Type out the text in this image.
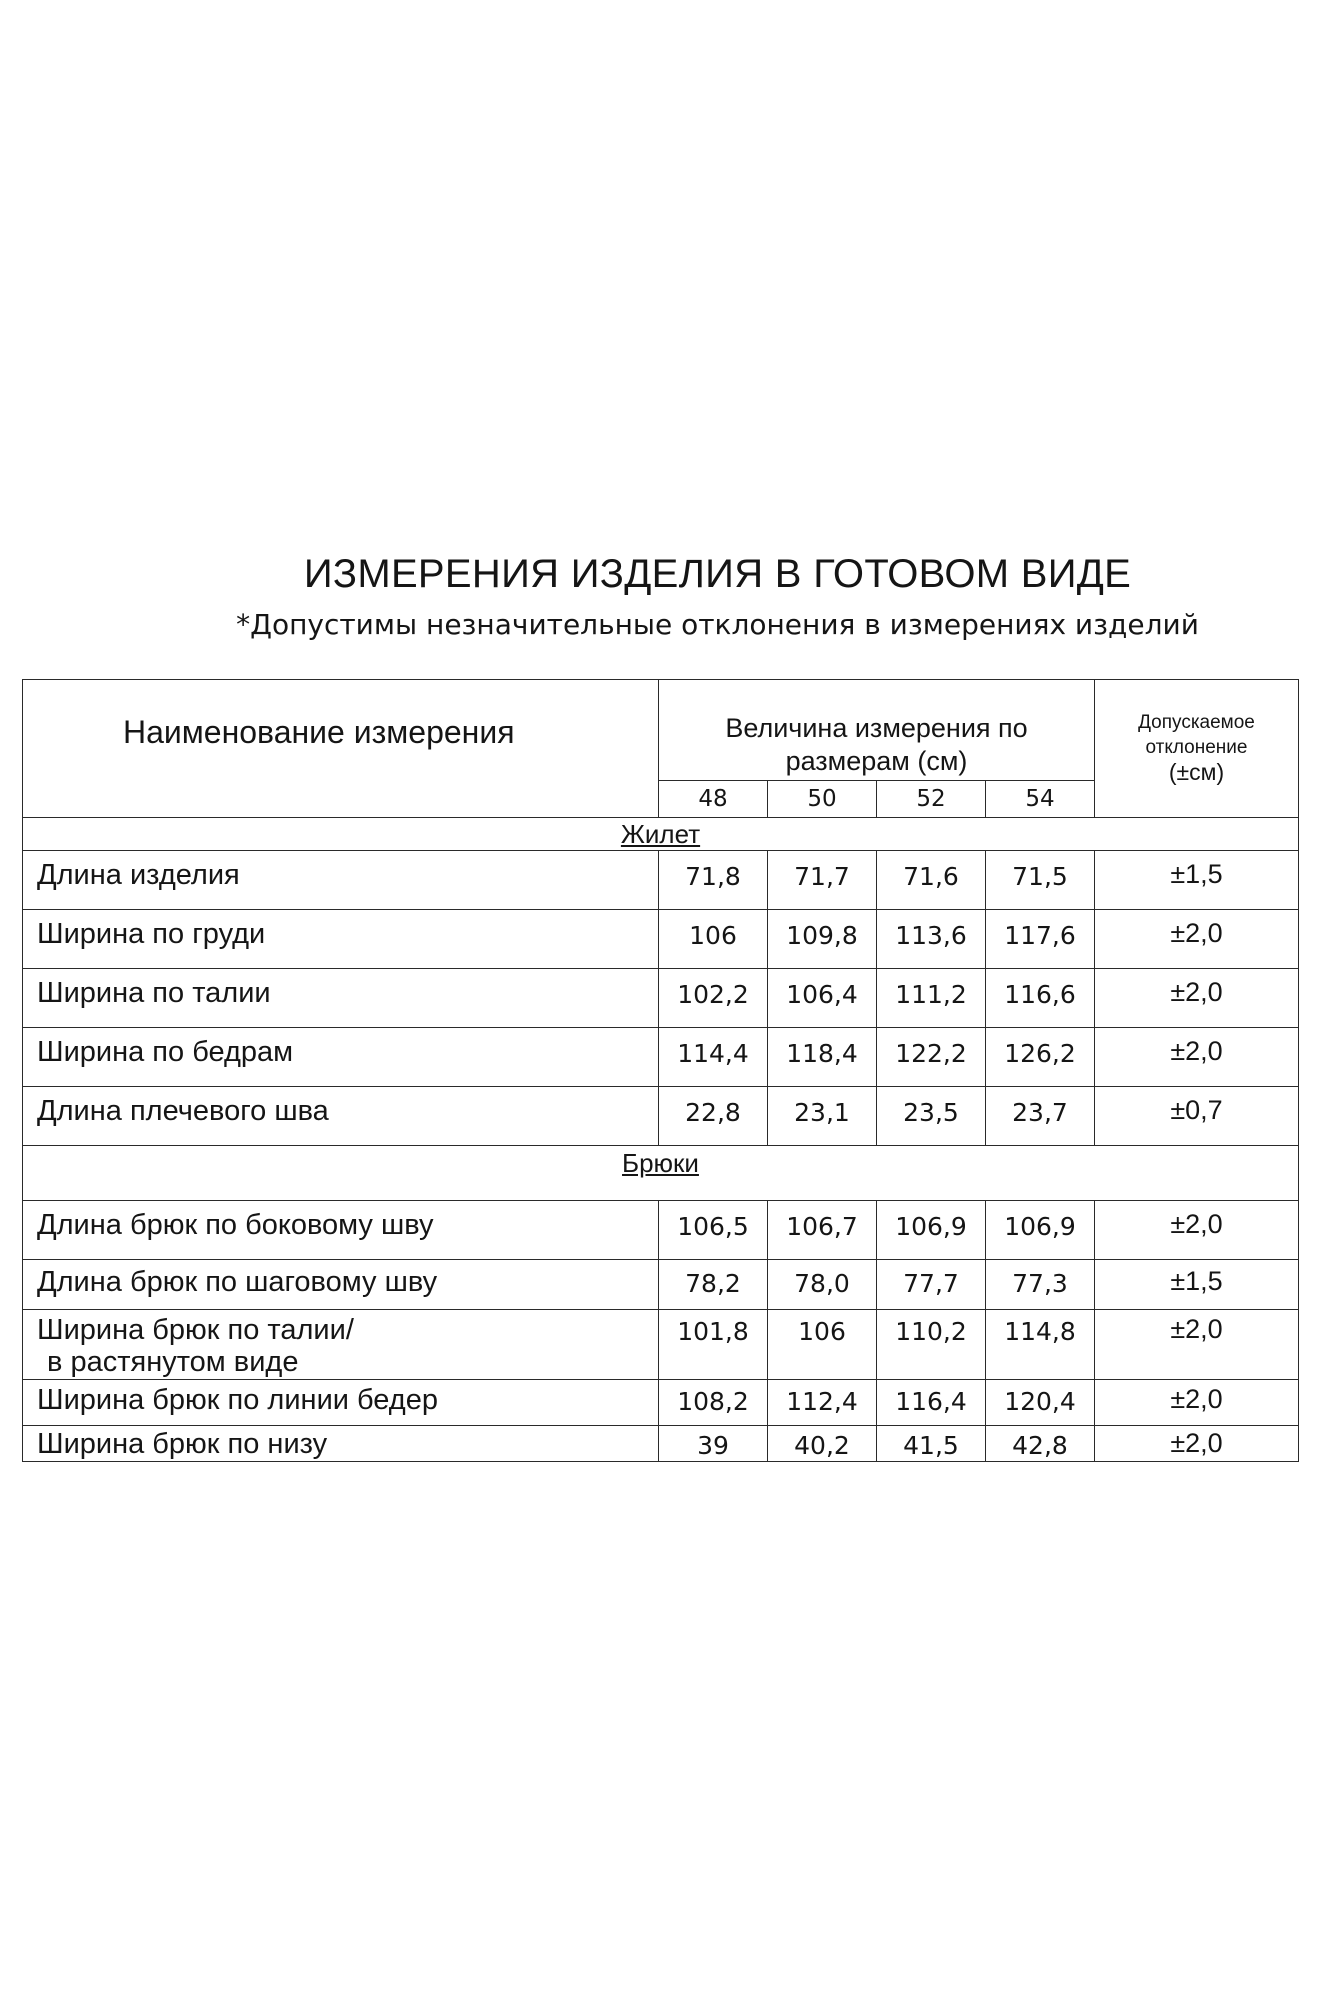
ИЗМЕРЕНИЯ ИЗДЕЛИЯ В ГОТОВОМ ВИДЕ
*Допустимы незначительные отклонения в измерениях изделий
Наименование измерения	Величина измерения по
размерам (см)				Допускаемое
отклонение
(±см)
	48	50	52	54	
Жилет					
Длина изделия	71,8	71,7	71,6	71,5	±1,5
Ширина по груди	106	109,8	113,6	117,6	±2,0
Ширина по талии	102,2	106,4	111,2	116,6	±2,0
Ширина по бедрам	114,4	118,4	122,2	126,2	±2,0
Длина плечевого шва	22,8	23,1	23,5	23,7	±0,7
Брюки					
Длина брюк по боковому шву	106,5	106,7	106,9	106,9	±2,0
Длина брюк по шаговому шву	78,2	78,0	77,7	77,3	±1,5
Ширина брюк по талии/
в растянутом виде	101,8	106	110,2	114,8	±2,0
Ширина брюк по линии бедер	108,2	112,4	116,4	120,4	±2,0
Ширина брюк по низу	39	40,2	41,5	42,8	±2,0
